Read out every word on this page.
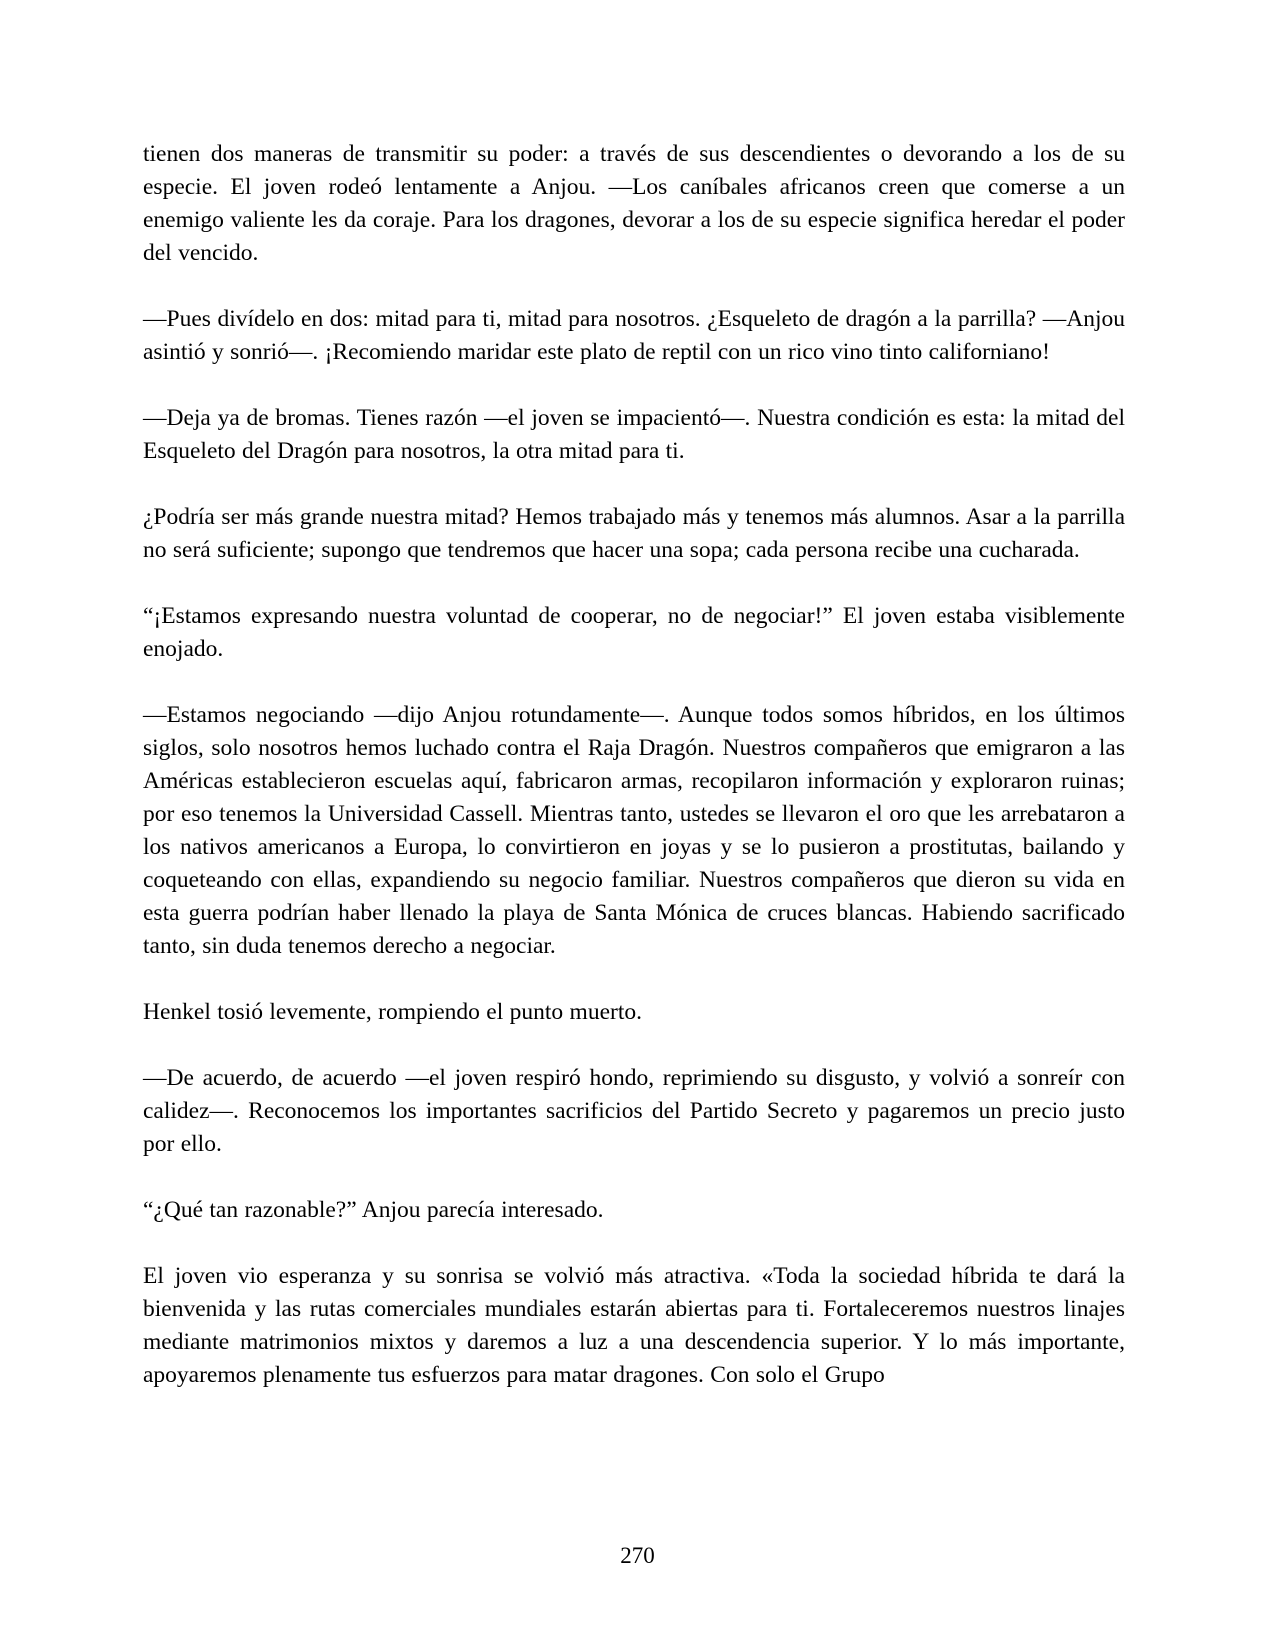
tienen dos maneras de transmitir su poder: a través de sus descendientes o devorando a los de su especie. El joven rodeó lentamente a Anjou. —Los caníbales africanos creen que comerse a un enemigo valiente les da coraje. Para los dragones, devorar a los de su especie significa heredar el poder del vencido.

—Pues divídelo en dos: mitad para ti, mitad para nosotros. ¿Esqueleto de dragón a la parrilla? —Anjou asintió y sonrió—. ¡Recomiendo maridar este plato de reptil con un rico vino tinto californiano!

—Deja ya de bromas. Tienes razón —el joven se impacientó—. Nuestra condición es esta: la mitad del Esqueleto del Dragón para nosotros, la otra mitad para ti.

¿Podría ser más grande nuestra mitad? Hemos trabajado más y tenemos más alumnos. Asar a la parrilla no será suficiente; supongo que tendremos que hacer una sopa; cada persona recibe una cucharada.

“¡Estamos expresando nuestra voluntad de cooperar, no de negociar!” El joven estaba visiblemente enojado.

—Estamos negociando —dijo Anjou rotundamente—. Aunque todos somos híbridos, en los últimos siglos, solo nosotros hemos luchado contra el Raja Dragón. Nuestros compañeros que emigraron a las Américas establecieron escuelas aquí, fabricaron armas, recopilaron información y exploraron ruinas; por eso tenemos la Universidad Cassell. Mientras tanto, ustedes se llevaron el oro que les arrebataron a los nativos americanos a Europa, lo convirtieron en joyas y se lo pusieron a prostitutas, bailando y coqueteando con ellas, expandiendo su negocio familiar. Nuestros compañeros que dieron su vida en esta guerra podrían haber llenado la playa de Santa Mónica de cruces blancas. Habiendo sacrificado tanto, sin duda tenemos derecho a negociar.

Henkel tosió levemente, rompiendo el punto muerto.

—De acuerdo, de acuerdo —el joven respiró hondo, reprimiendo su disgusto, y volvió a sonreír con calidez—. Reconocemos los importantes sacrificios del Partido Secreto y pagaremos un precio justo por ello.

“¿Qué tan razonable?” Anjou parecía interesado.

El joven vio esperanza y su sonrisa se volvió más atractiva. «Toda la sociedad híbrida te dará la bienvenida y las rutas comerciales mundiales estarán abiertas para ti. Fortaleceremos nuestros linajes mediante matrimonios mixtos y daremos a luz a una descendencia superior. Y lo más importante, apoyaremos plenamente tus esfuerzos para matar dragones. Con solo el Grupo

270
